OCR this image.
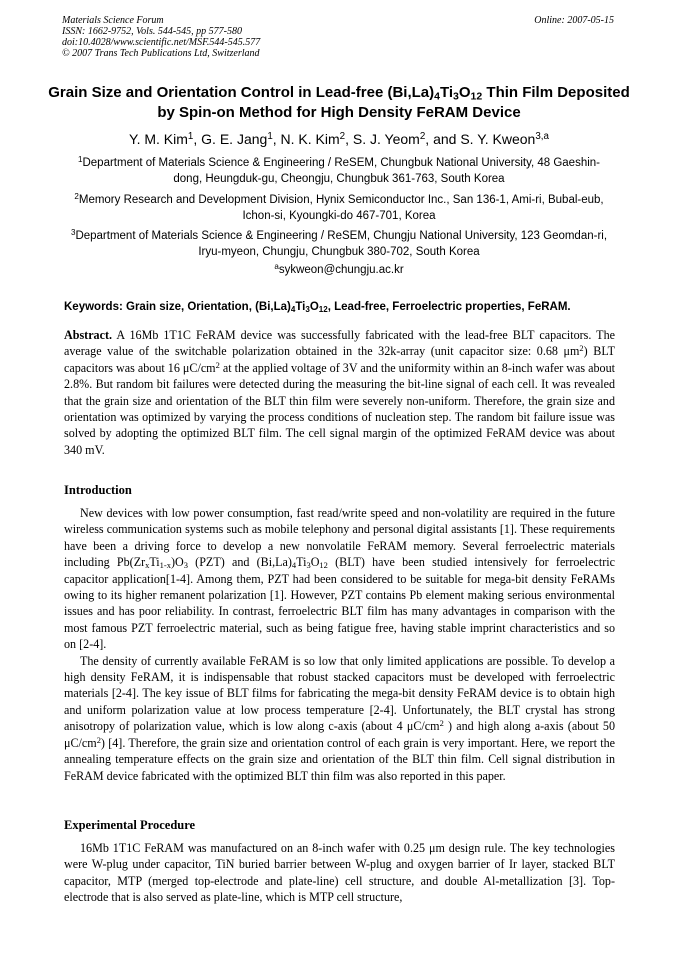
Materials Science Forum
ISSN: 1662-9752, Vols. 544-545, pp 577-580
doi:10.4028/www.scientific.net/MSF.544-545.577
© 2007 Trans Tech Publications Ltd, Switzerland
Online: 2007-05-15
Grain Size and Orientation Control in Lead-free $(Bi,La)_4Ti_3O_{12}$ Thin Film Deposited by Spin-on Method for High Density FeRAM Device
Y. M. Kim$^1$, G. E. Jang$^1$, N. K. Kim$^2$, S. J. Yeom$^2$, and S. Y. Kweon$^{3,a}$
$^1$Department of Materials Science & Engineering / ReSEM, Chungbuk National University, 48 Gaeshin-dong, Heungduk-gu, Cheongju, Chungbuk 361-763, South Korea
$^2$Memory Research and Development Division, Hynix Semiconductor Inc., San 136-1, Ami-ri, Bubal-eub, Ichon-si, Kyoungki-do 467-701, Korea
$^3$Department of Materials Science & Engineering / ReSEM, Chungju National University, 123 Geomdan-ri, Iryu-myeon, Chungju, Chungbuk 380-702, South Korea
$^a$sykweon@chungju.ac.kr
Keywords: Grain size, Orientation, $(Bi,La)_4Ti_3O_{12}$, Lead-free, Ferroelectric properties, FeRAM.
Abstract. A 16Mb 1T1C FeRAM device was successfully fabricated with the lead-free BLT capacitors. The average value of the switchable polarization obtained in the 32k-array (unit capacitor size: 0.68 $\mu m^2$) BLT capacitors was about 16 $\mu C/cm^2$ at the applied voltage of 3V and the uniformity within an 8-inch wafer was about 2.8%. But random bit failures were detected during the measuring the bit-line signal of each cell. It was revealed that the grain size and orientation of the BLT thin film were severely non-uniform. Therefore, the grain size and orientation was optimized by varying the process conditions of nucleation step. The random bit failure issue was solved by adopting the optimized BLT film. The cell signal margin of the optimized FeRAM device was about 340 mV.
Introduction

New devices with low power consumption, fast read/write speed and non-volatility are required in the future wireless communication systems such as mobile telephony and personal digital assistants [1]. These requirements have been a driving force to develop a new nonvolatile FeRAM memory. Several ferroelectric materials including $Pb(Zr_xTi_{1-x})O_3$ (PZT) and $(Bi,La)_4Ti_3O_{12}$ (BLT) have been studied intensively for ferroelectric capacitor application[1-4]. Among them, PZT had been considered to be suitable for mega-bit density FeRAMs owing to its higher remanent polarization [1]. However, PZT contains Pb element making serious environmental issues and has poor reliability. In contrast, ferroelectric BLT film has many advantages in comparison with the most famous PZT ferroelectric material, such as being fatigue free, having stable imprint characteristics and so on [2-4].

The density of currently available FeRAM is so low that only limited applications are possible. To develop a high density FeRAM, it is indispensable that robust stacked capacitors must be developed with ferroelectric materials [2-4]. The key issue of BLT films for fabricating the mega-bit density FeRAM device is to obtain high and uniform polarization value at low process temperature [2-4]. Unfortunately, the BLT crystal has strong anisotropy of polarization value, which is low along c-axis (about 4 $\mu C/cm^2$ ) and high along a-axis (about 50 $\mu C/cm^2$) [4]. Therefore, the grain size and orientation control of each grain is very important. Here, we report the annealing temperature effects on the grain size and orientation of the BLT thin film. Cell signal distribution in FeRAM device fabricated with the optimized BLT thin film was also reported in this paper.

Experimental Procedure

16Mb 1T1C FeRAM was manufactured on an 8-inch wafer with 0.25 μm design rule. The key technologies were W-plug under capacitor, TiN buried barrier between W-plug and oxygen barrier of Ir layer, stacked BLT capacitor, MTP (merged top-electrode and plate-line) cell structure, and double Al-metallization [3]. Top-electrode that is also served as plate-line, which is MTP cell structure,
